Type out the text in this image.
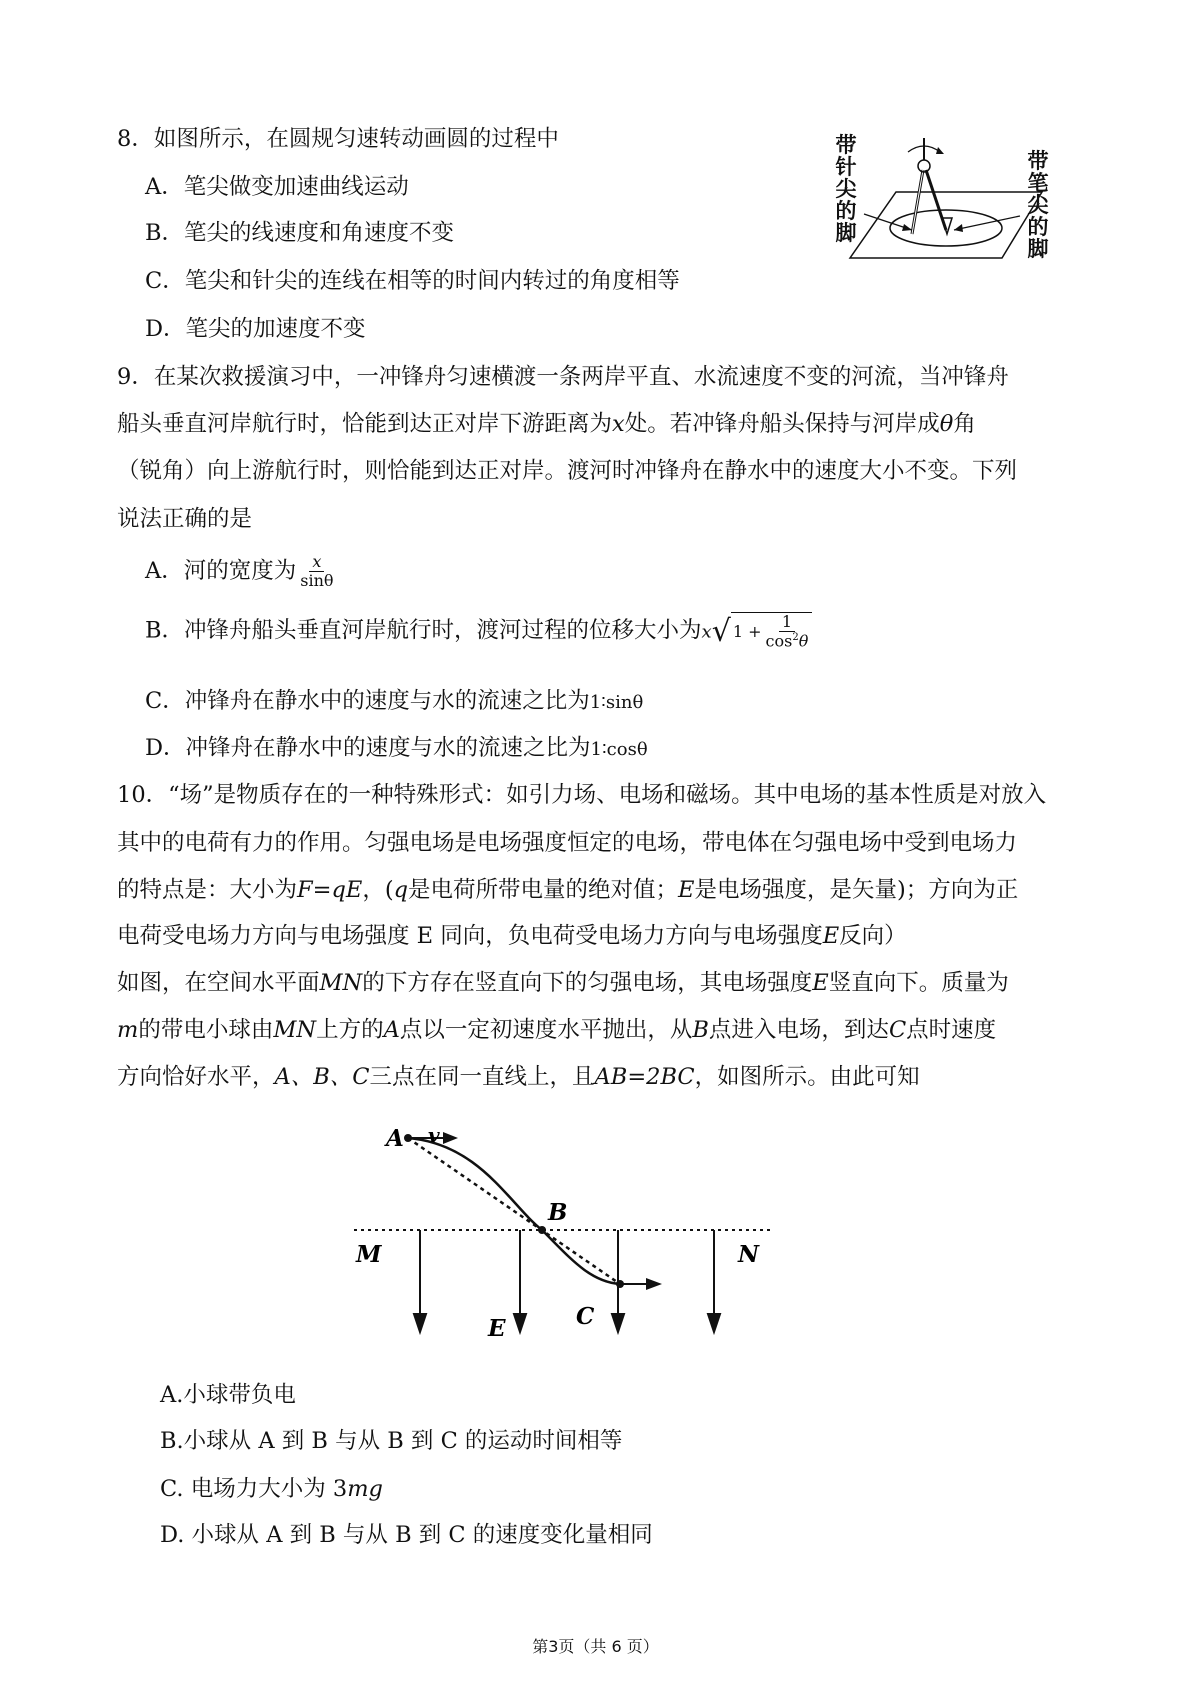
8．如图所示，在圆规匀速转动画圆的过程中
A．笔尖做变加速曲线运动
B．笔尖的线速度和角速度不变
C．笔尖和针尖的连线在相等的时间内转过的角度相等
D．笔尖的加速度不变
带
针
尖
的
脚
带
笔
尖
的
脚
9．在某次救援演习中，一冲锋舟匀速横渡一条两岸平直、水流速度不变的河流，当冲锋舟
船头垂直河岸航行时，恰能到达正对岸下游距离为x处。若冲锋舟船头保持与河岸成θ角
（锐角）向上游航行时，则恰能到达正对岸。渡河时冲锋舟在静水中的速度大小不变。下列
说法正确的是
A．河的宽度为 $\frac{x}{\sin\theta}$
B．冲锋舟船头垂直河岸航行时，渡河过程的位移大小为x √ $1 + \frac{1}{\cos^2\theta}$
C．冲锋舟在静水中的速度与水的流速之比为1∶sinθ
D．冲锋舟在静水中的速度与水的流速之比为1∶cosθ
10．“场”是物质存在的一种特殊形式：如引力场、电场和磁场。其中电场的基本性质是对放入
其中的电荷有力的作用。匀强电场是电场强度恒定的电场，带电体在匀强电场中受到电场力
的特点是：大小为F=qE，(q是电荷所带电量的绝对值；E是电场强度，是矢量)；方向为正
电荷受电场力方向与电场强度 E 同向，负电荷受电场力方向与电场强度E反向）
如图，在空间水平面MN的下方存在竖直向下的匀强电场，其电场强度E竖直向下。质量为
m的带电小球由MN上方的A点以一定初速度水平抛出，从B点进入电场，到达C点时速度
方向恰好水平，A、B、C三点在同一直线上，且AB=2BC，如图所示。由此可知
A v
B
M	N
E	C
A.小球带负电
B.小球从 A 到 B 与从 B 到 C 的运动时间相等
C. 电场力大小为 3mg
D. 小球从 A 到 B 与从 B 到 C 的速度变化量相同
第3页（共 6 页）
